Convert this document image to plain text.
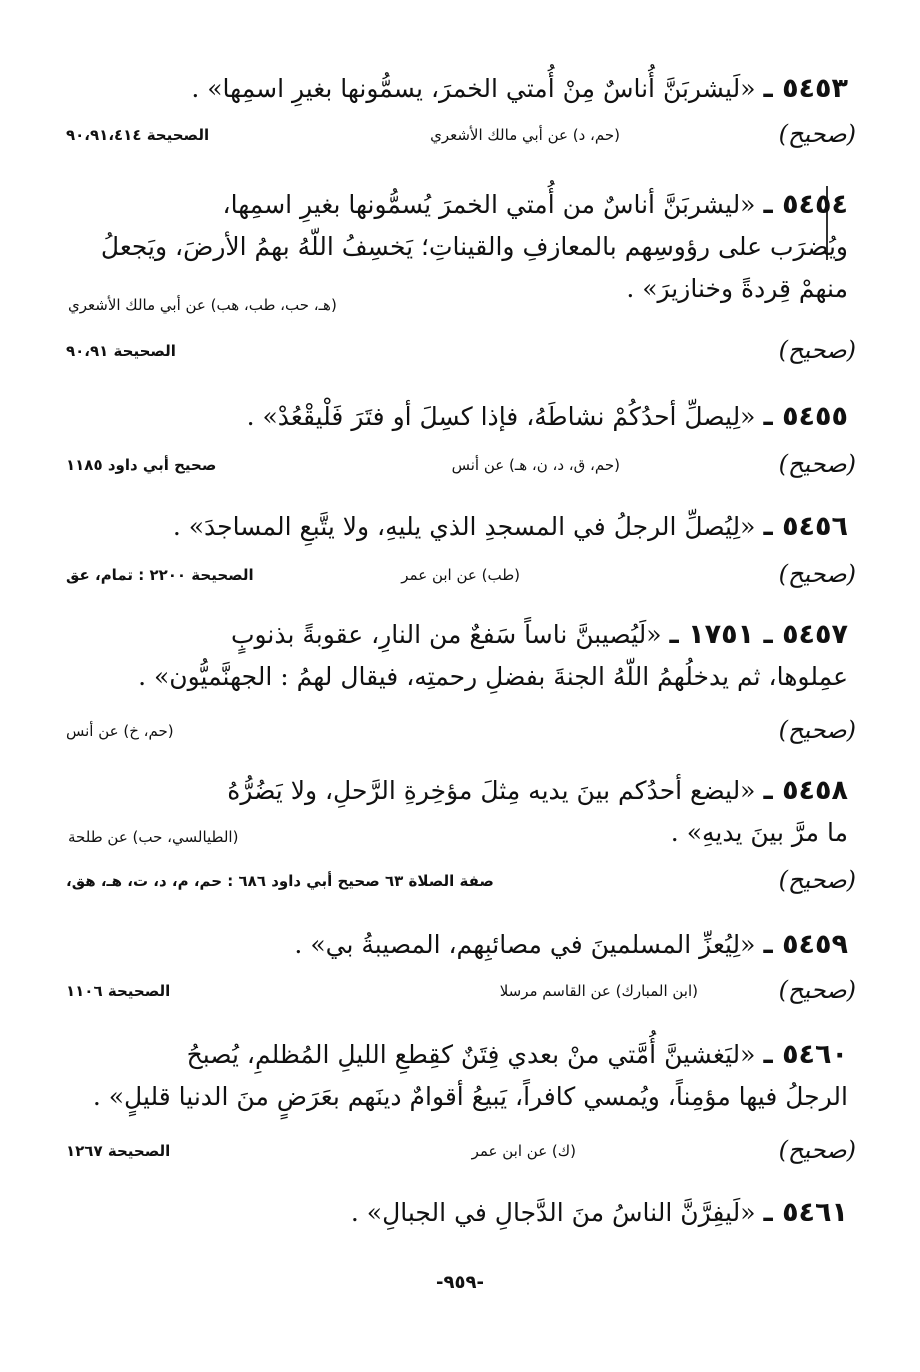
٥٤٥٣ ـ «لَيشربَنَّ أُناسٌ مِنْ أُمتي الخمرَ، يسمُّونها بغيرِ اسمِها» .
(صحيح)
(حم، د) عن أبي مالك الأشعري
الصحيحة ٩٠،٩١،٤١٤
٥٤٥٤ ـ «ليشربَنَّ أناسٌ من أُمتي الخمرَ يُسمُّونها بغيرِ اسمِها،
ويُضرَب على رؤوسِهم بالمعازفِ والقيناتِ؛ يَخسِفُ اللّهُ بهمُ الأرضَ، ويَجعلُ
منهمْ قِردةً وخنازيرَ» .
(هـ، حب، طب، هب) عن أبي مالك الأشعري
(صحيح)
الصحيحة ٩٠،٩١
٥٤٥٥ ـ «لِيصلِّ أحدُكُمْ نشاطَهُ، فإذا كسِلَ أو فتَرَ فَلْيقْعُدْ» .
(صحيح)
(حم، ق، د، ن، هـ) عن أنس
صحيح أبي داود ١١٨٥
٥٤٥٦ ـ «لِيُصلِّ الرجلُ في المسجدِ الذي يليهِ، ولا يتَّبعِ المساجدَ» .
(صحيح)
(طب) عن ابن عمر
الصحيحة ٢٢٠٠ : تمام، عق
٥٤٥٧ ـ ١٧٥١ ـ «لَيُصيبنَّ ناساً سَفعٌ من النارِ، عقوبةً بذنوبٍ
عمِلوها، ثم يدخلُهمُ اللّهُ الجنةَ بفضلِ رحمتِه، فيقال لهمُ : الجهنَّميُّون» .
(صحيح)
(حم، خ) عن أنس
٥٤٥٨ ـ «ليضع أحدُكم بينَ يديه مِثلَ مؤخِرةِ الرَّحلِ، ولا يَضُرُّهُ
ما مرَّ بينَ يديهِ» .
(الطيالسي، حب) عن طلحة
(صحيح)
صفة الصلاة ٦٣ صحيح أبي داود ٦٨٦ : حم، م، د، ت، هـ، هق،
٥٤٥٩ ـ «لِيُعزِّ المسلمينَ في مصائبِهم، المصيبةُ بي» .
(صحيح)
(ابن المبارك) عن القاسم مرسلا
الصحيحة ١١٠٦
٥٤٦٠ ـ «ليَغشينَّ أُمَّتي منْ بعدي فِتَنٌ كقِطعِ الليلِ المُظلمِ، يُصبحُ
الرجلُ فيها مؤمِناً، ويُمسي كافراً، يَبيعُ أقوامٌ دينَهم بعَرَضٍ منَ الدنيا قليلٍ» .
(صحيح)
(ك) عن ابن عمر
الصحيحة ١٢٦٧
٥٤٦١ ـ «لَيفِرَّنَّ الناسُ منَ الدَّجالِ في الجبالِ» .
-٩٥٩-
